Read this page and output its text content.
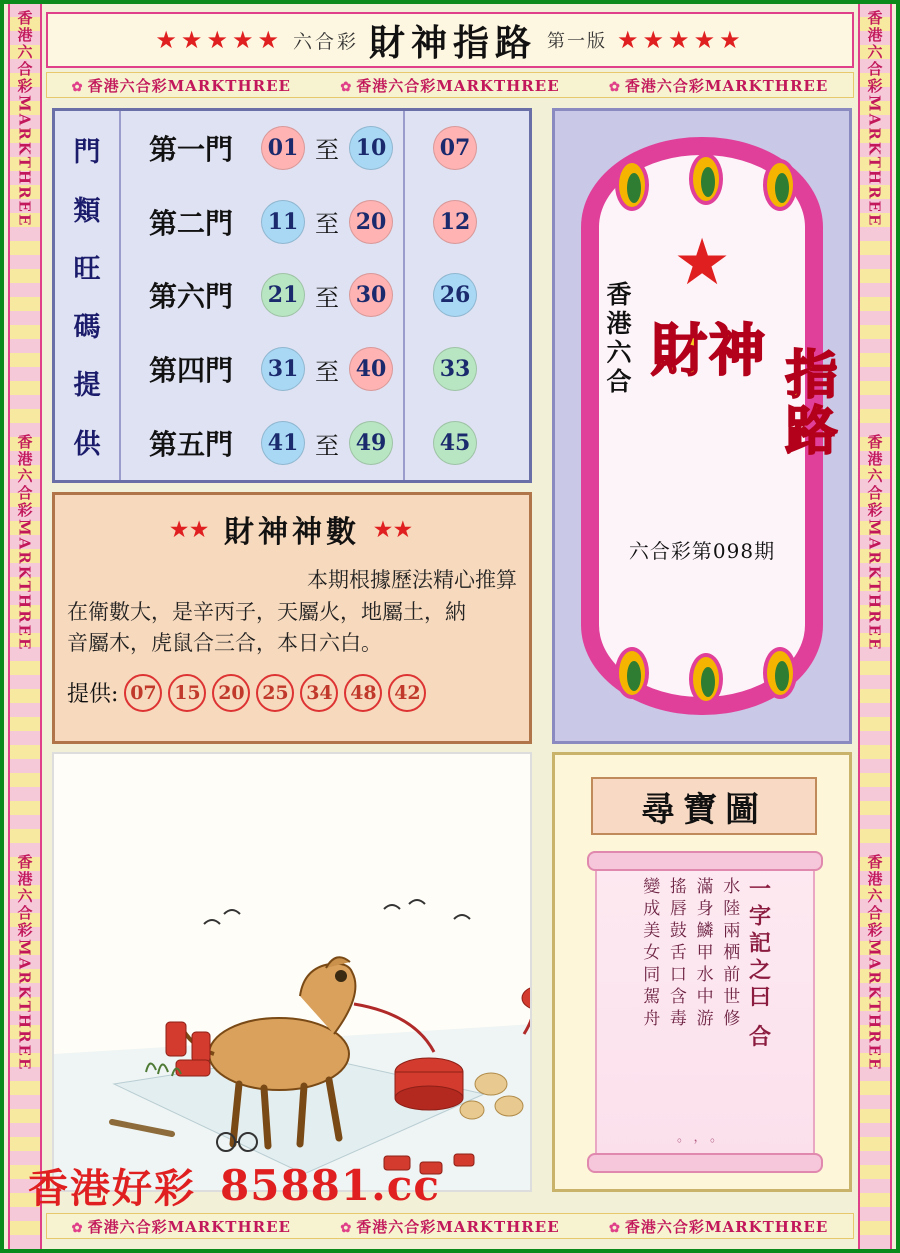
香港六合彩MARKTHREE
香港六合彩MARKTHREE
香港六合彩MARKTHREE
香港六合彩MARKTHREE
香港六合彩MARKTHREE
香港六合彩MARKTHREE
★★★★★ 六合彩 財神指路 第一版 ★★★★★
✿ 香港六合彩MARKTHREE	✿ 香港六合彩MARKTHREE	✿ 香港六合彩MARKTHREE
門
類
旺
碼
提
供
第一門	01 至 10	07
第二門	11 至 20	12
第六門	21 至 30	26
第四門	31 至 40	33
第五門	41 至 49	45
★★ 財神神數 ★★
本期根據歷法精心推算
在衛數大，是辛丙子，天屬火，地屬土，納
音屬木，虎鼠合三合，本日六白。
提供: 07 15 20 25 34 48 42
★
香港六合 財神 指路
六合彩第098期
尋寶圖
一字記之曰 合
水陸兩栖前世修
滿身鱗甲水中游
搖唇鼓舌口含毒
變成美女同駕舟
。，。
香港好彩 85881.cc
✿ 香港六合彩MARKTHREE	✿ 香港六合彩MARKTHREE	✿ 香港六合彩MARKTHREE
